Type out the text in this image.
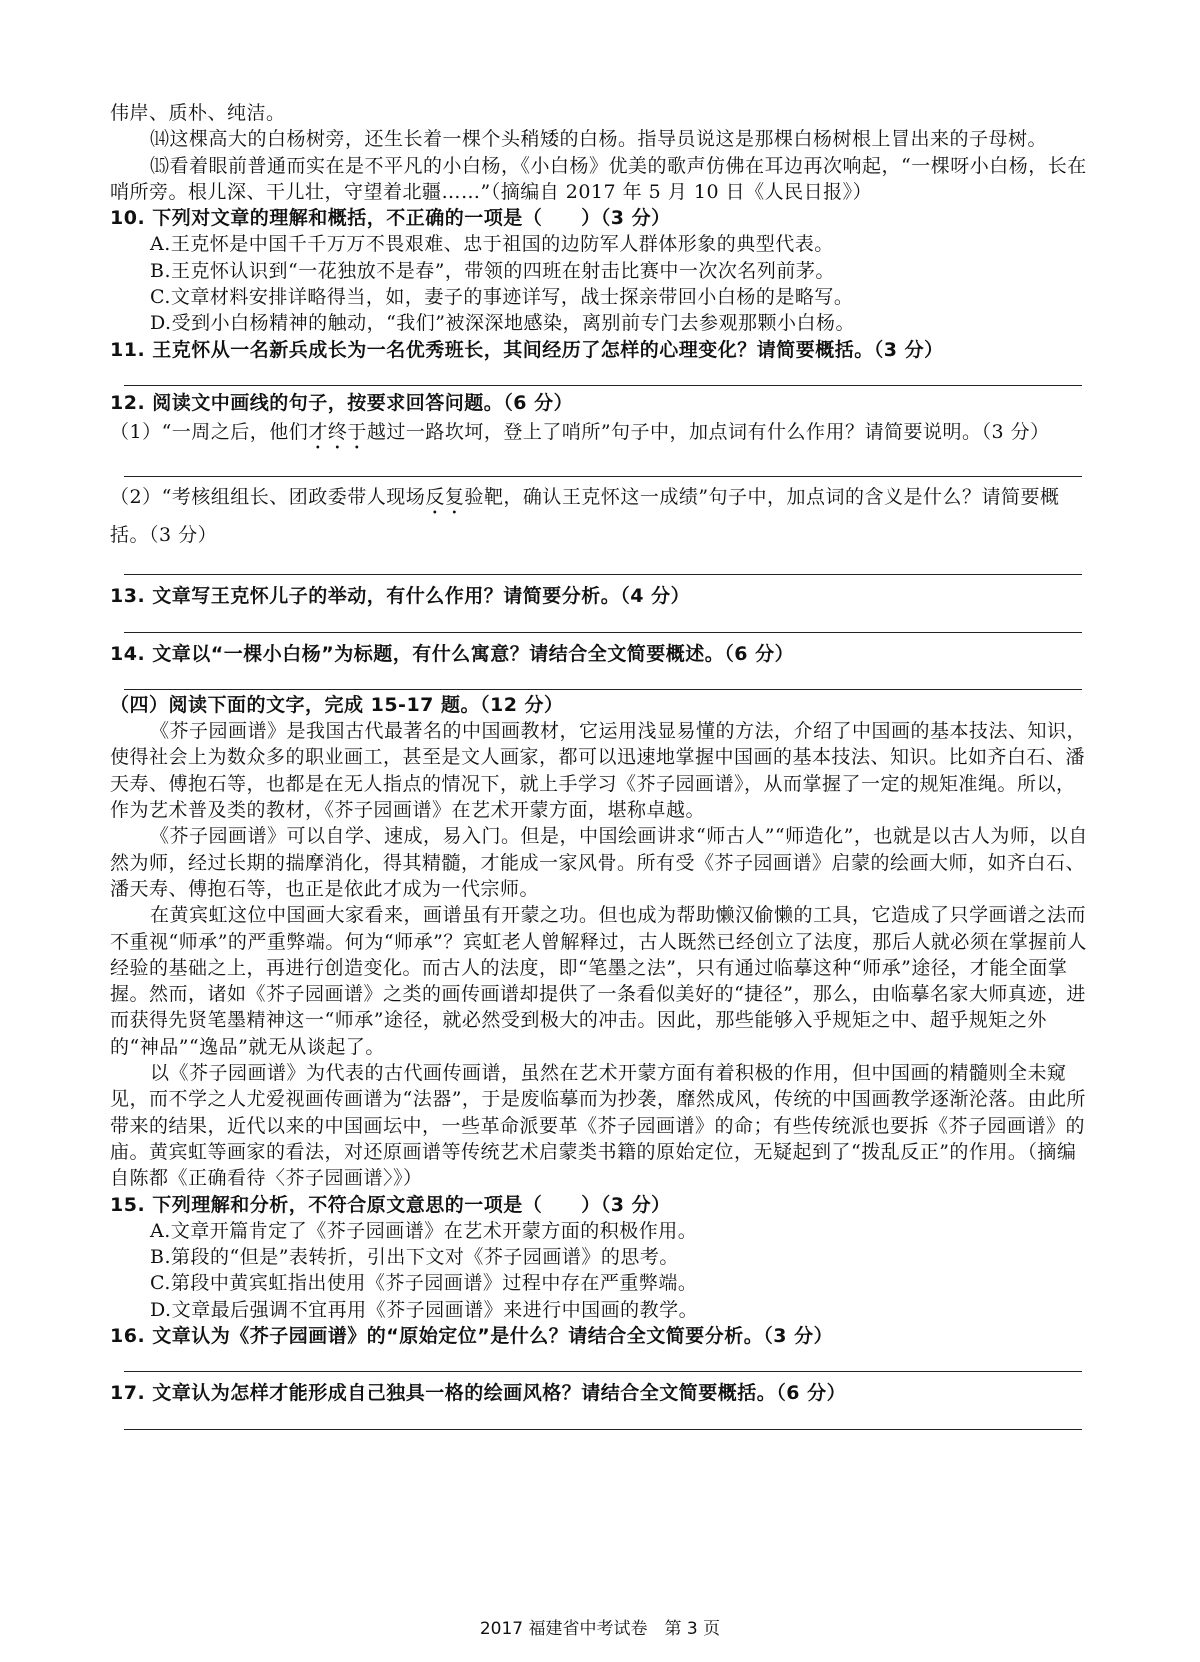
伟岸、质朴、纯洁。

⒁这棵高大的白杨树旁，还生长着一棵个头稍矮的白杨。指导员说这是那棵白杨树根上冒出来的子母树。

⒂看着眼前普通而实在是不平凡的小白杨，《小白杨》优美的歌声仿佛在耳边再次响起，“一棵呀小白杨，长在哨所旁。根儿深、干儿壮，守望着北疆……”（摘编自 2017 年 5 月 10 日《人民日报》）

10. 下列对文章的理解和概括，不正确的一项是（　　）（3 分）

A.王克怀是中国千千万万不畏艰难、忠于祖国的边防军人群体形象的典型代表。

B.王克怀认识到“一花独放不是春”，带领的四班在射击比赛中一次次名列前茅。

C.文章材料安排详略得当，如，妻子的事迹详写，战士探亲带回小白杨的是略写。

D.受到小白杨精神的触动，“我们”被深深地感染，离别前专门去参观那颗小白杨。

11. 王克怀从一名新兵成长为一名优秀班长，其间经历了怎样的心理变化？请简要概括。（3 分）

12. 阅读文中画线的句子，按要求回答问题。（6 分）

（1）“一周之后，他们才终于越过一路坎坷，登上了哨所”句子中，加点词有什么作用？请简要说明。（3 分）

（2）“考核组组长、团政委带人现场反复验靶，确认王克怀这一成绩”句子中，加点词的含义是什么？请简要概括。（3 分）

13. 文章写王克怀儿子的举动，有什么作用？请简要分析。（4 分）

14. 文章以“一棵小白杨”为标题，有什么寓意？请结合全文简要概述。（6 分）

（四）阅读下面的文字，完成 15-17 题。（12 分）

《芥子园画谱》是我国古代最著名的中国画教材，它运用浅显易懂的方法，介绍了中国画的基本技法、知识，使得社会上为数众多的职业画工，甚至是文人画家，都可以迅速地掌握中国画的基本技法、知识。比如齐白石、潘天寿、傅抱石等，也都是在无人指点的情况下，就上手学习《芥子园画谱》，从而掌握了一定的规矩准绳。所以，作为艺术普及类的教材，《芥子园画谱》在艺术开蒙方面，堪称卓越。

《芥子园画谱》可以自学、速成，易入门。但是，中国绘画讲求“师古人”“师造化”，也就是以古人为师，以自然为师，经过长期的揣摩消化，得其精髓，才能成一家风骨。所有受《芥子园画谱》启蒙的绘画大师，如齐白石、潘天寿、傅抱石等，也正是依此才成为一代宗师。

在黄宾虹这位中国画大家看来，画谱虽有开蒙之功。但也成为帮助懒汉偷懒的工具，它造成了只学画谱之法而不重视“师承”的严重弊端。何为“师承”？宾虹老人曾解释过，古人既然已经创立了法度，那后人就必须在掌握前人经验的基础之上，再进行创造变化。而古人的法度，即“笔墨之法”，只有通过临摹这种“师承”途径，才能全面掌握。然而，诸如《芥子园画谱》之类的画传画谱却提供了一条看似美好的“捷径”，那么，由临摹名家大师真迹，进而获得先贤笔墨精神这一“师承”途径，就必然受到极大的冲击。因此，那些能够入乎规矩之中、超乎规矩之外的“神品”“逸品”就无从谈起了。

以《芥子园画谱》为代表的古代画传画谱，虽然在艺术开蒙方面有着积极的作用，但中国画的精髓则全未窥见，而不学之人尤爱视画传画谱为“法器”，于是废临摹而为抄袭，靡然成风，传统的中国画教学逐渐沦落。由此所带来的结果，近代以来的中国画坛中，一些革命派要革《芥子园画谱》的命；有些传统派也要拆《芥子园画谱》的庙。黄宾虹等画家的看法，对还原画谱等传统艺术启蒙类书籍的原始定位，无疑起到了“拨乱反正”的作用。（摘编自陈都《正确看待〈芥子园画谱〉》）

15. 下列理解和分析，不符合原文意思的一项是（　　）（3 分）

A.文章开篇肯定了《芥子园画谱》在艺术开蒙方面的积极作用。

B.第段的“但是”表转折，引出下文对《芥子园画谱》的思考。

C.第段中黄宾虹指出使用《芥子园画谱》过程中存在严重弊端。

D.文章最后强调不宜再用《芥子园画谱》来进行中国画的教学。

16. 文章认为《芥子园画谱》的“原始定位”是什么？请结合全文简要分析。（3 分）

17. 文章认为怎样才能形成自己独具一格的绘画风格？请结合全文简要概括。（6 分）

2017 福建省中考试卷　第 3 页
